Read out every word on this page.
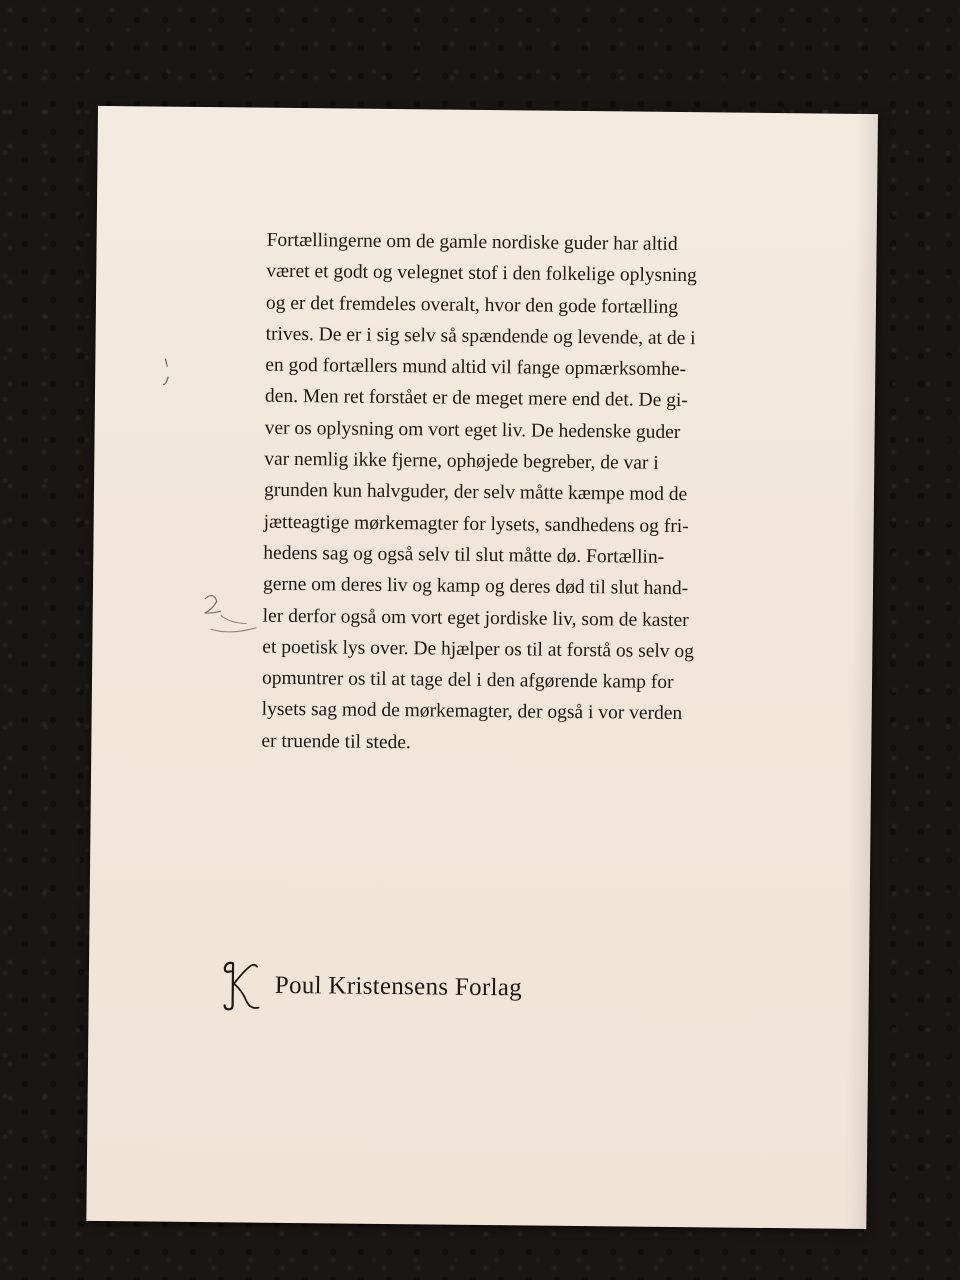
Fortællingerne om de gamle nordiske guder har altid
været et godt og velegnet stof i den folkelige oplysning
og er det fremdeles overalt, hvor den gode fortælling
trives. De er i sig selv så spændende og levende, at de i
en god fortællers mund altid vil fange opmærksomhe-
den. Men ret forstået er de meget mere end det. De gi-
ver os oplysning om vort eget liv. De hedenske guder
var nemlig ikke fjerne, ophøjede begreber, de var i
grunden kun halvguder, der selv måtte kæmpe mod de
jætteagtige mørkemagter for lysets, sandhedens og fri-
hedens sag og også selv til slut måtte dø. Fortællin-
gerne om deres liv og kamp og deres død til slut hand-
ler derfor også om vort eget jordiske liv, som de kaster
et poetisk lys over. De hjælper os til at forstå os selv og
opmuntrer os til at tage del i den afgørende kamp for
lysets sag mod de mørkemagter, der også i vor verden
er truende til stede.

Poul Kristensens Forlag
